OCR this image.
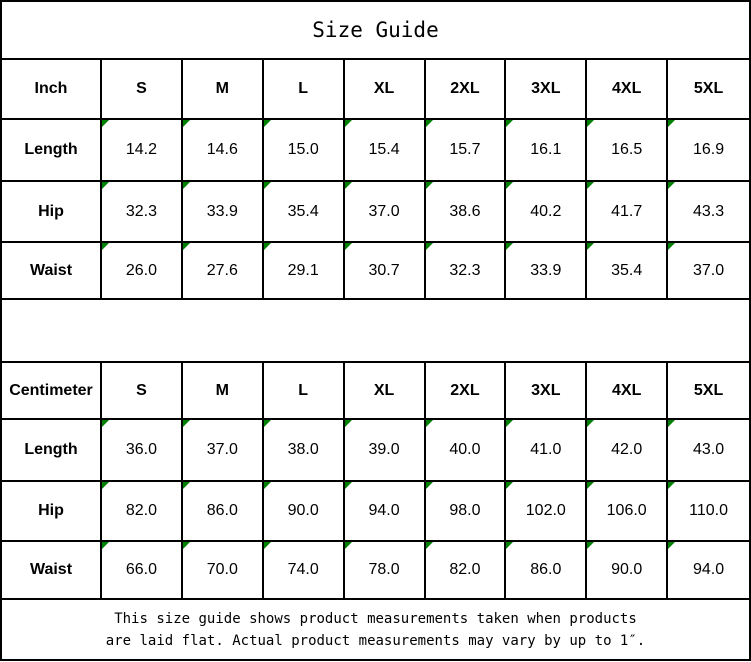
Size Guide
Inch	S	M	L	XL	2XL	3XL	4XL	5XL
Length	14.2	14.6	15.0	15.4	15.7	16.1	16.5	16.9
Hip	32.3	33.9	35.4	37.0	38.6	40.2	41.7	43.3
Waist	26.0	27.6	29.1	30.7	32.3	33.9	35.4	37.0
Centimeter	S	M	L	XL	2XL	3XL	4XL	5XL
Length	36.0	37.0	38.0	39.0	40.0	41.0	42.0	43.0
Hip	82.0	86.0	90.0	94.0	98.0	102.0	106.0	110.0
Waist	66.0	70.0	74.0	78.0	82.0	86.0	90.0	94.0
This size guide shows product measurements taken when products
are laid flat. Actual product measurements may vary by up to 1″.
